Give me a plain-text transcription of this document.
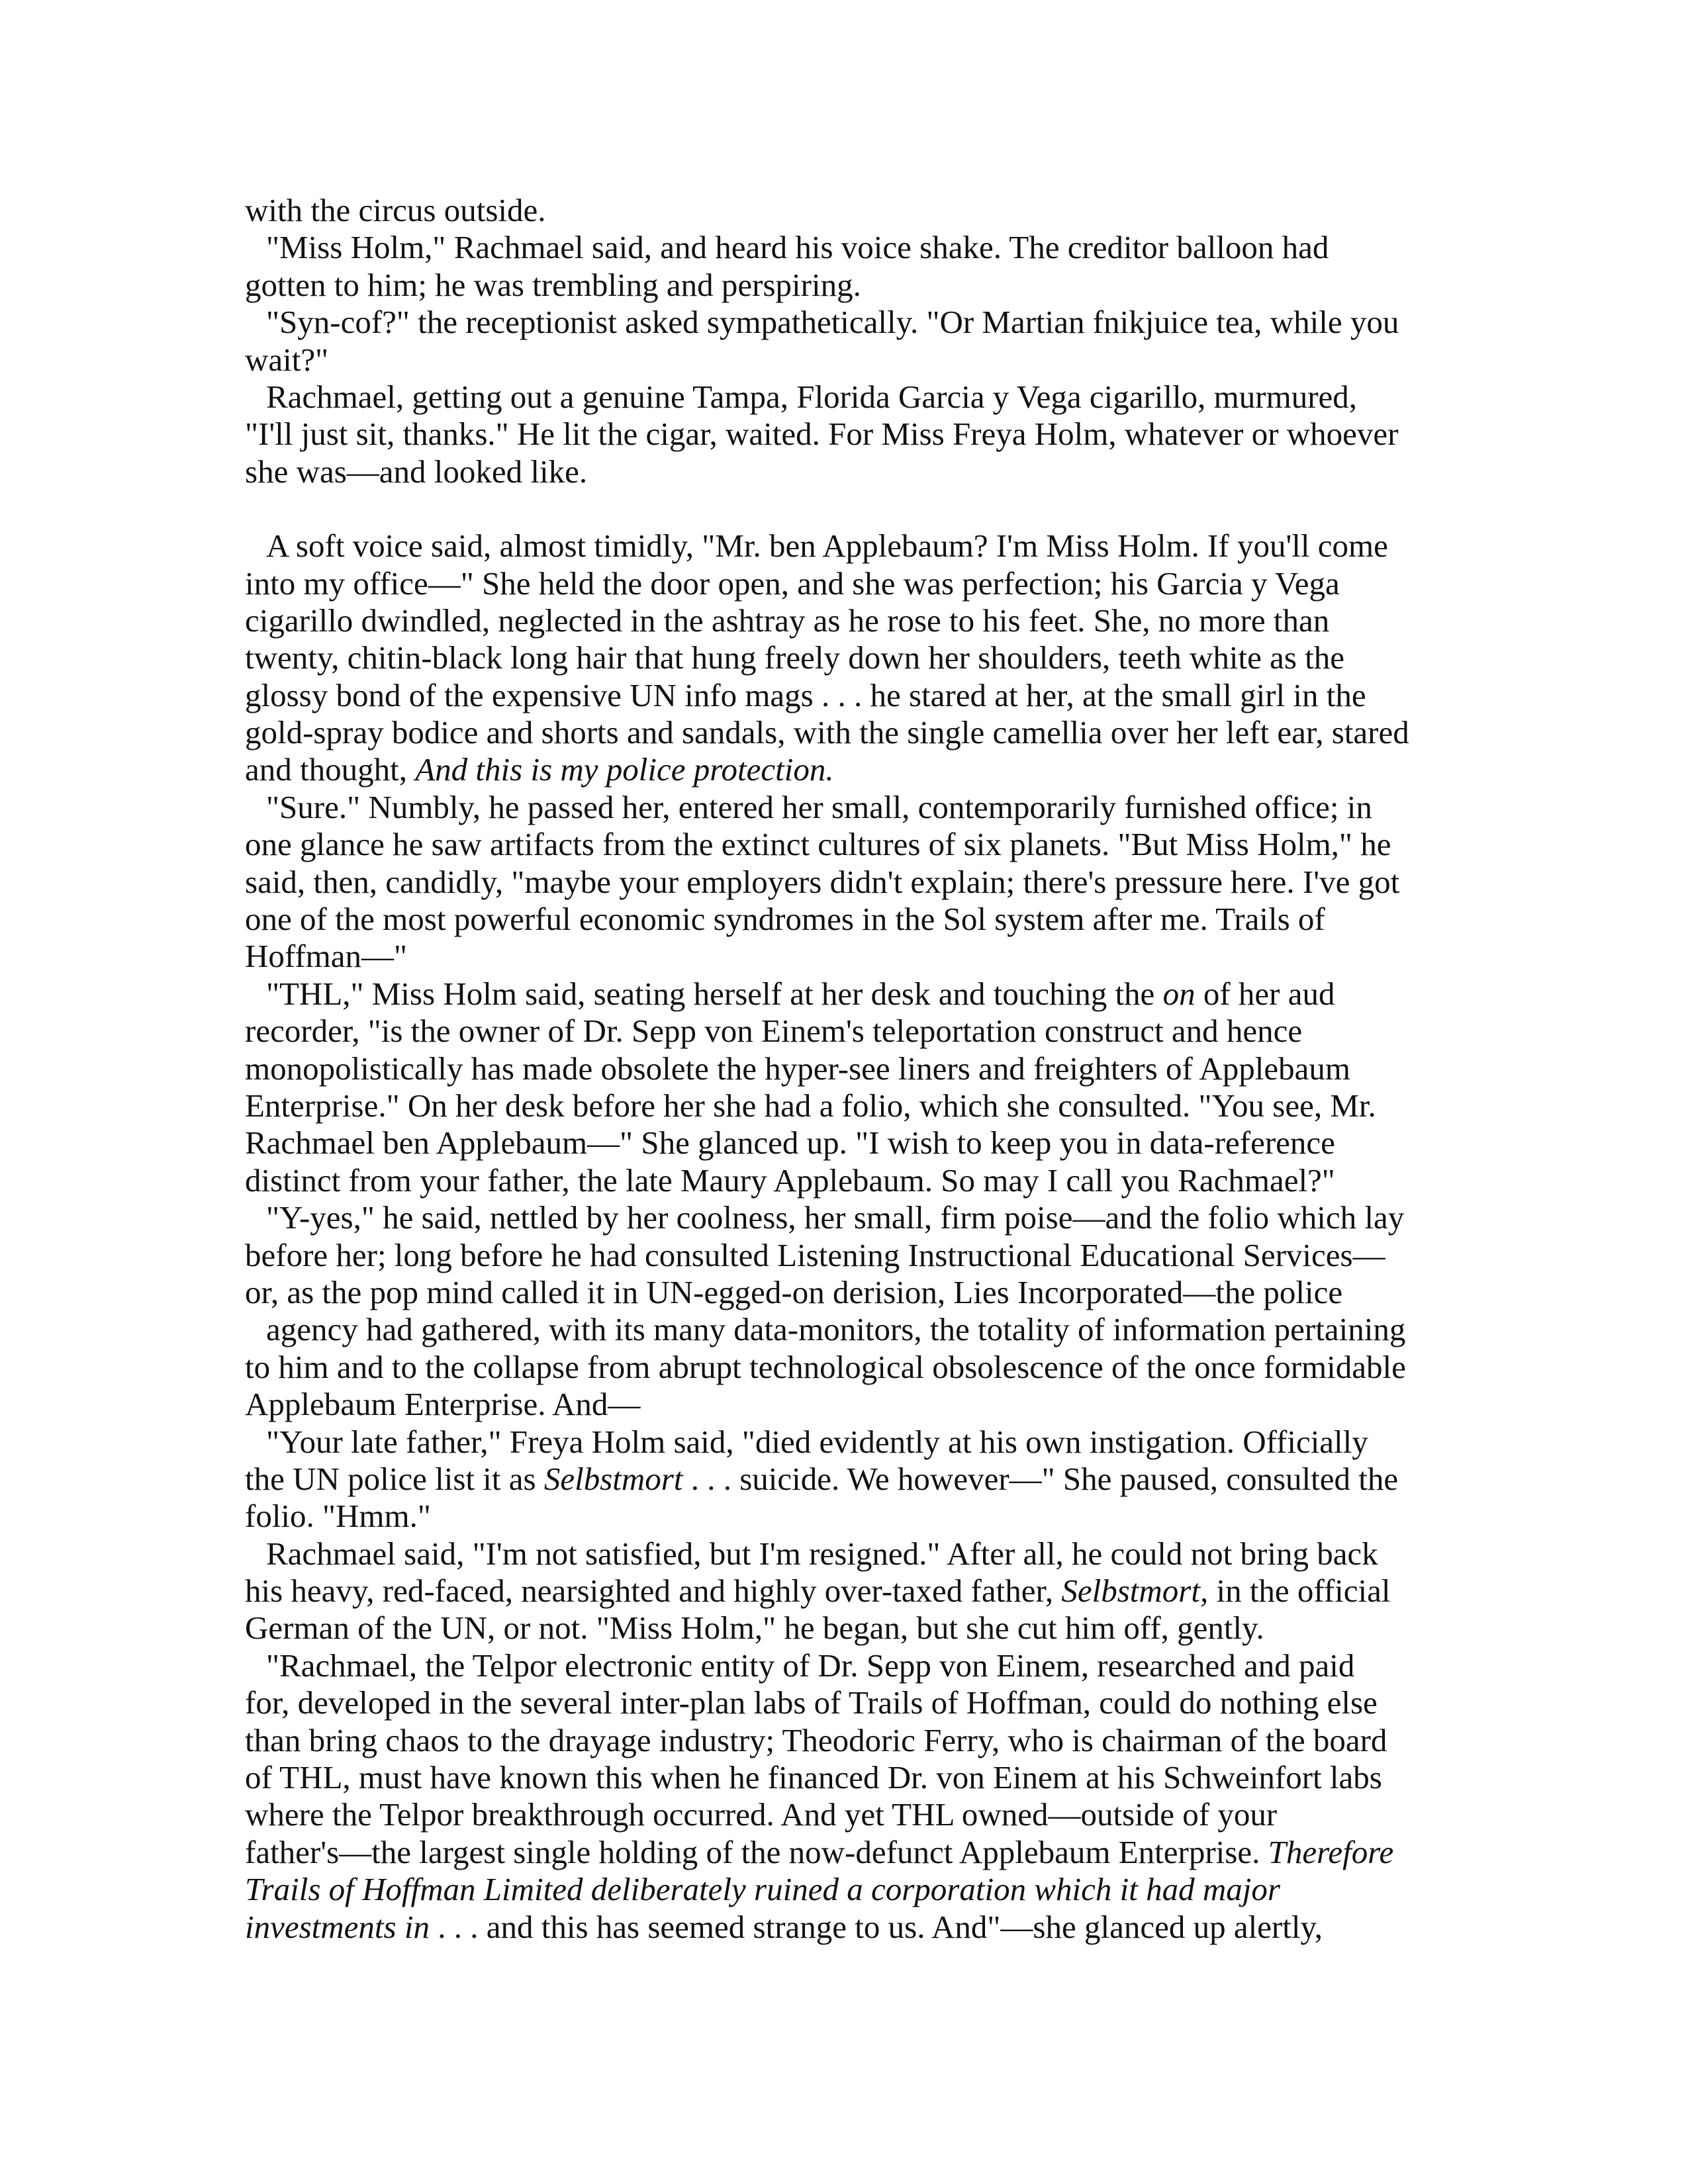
with the circus outside.
"Miss Holm," Rachmael said, and heard his voice shake. The creditor balloon had
gotten to him; he was trembling and perspiring.
"Syn-cof?" the receptionist asked sympathetically. "Or Martian fnikjuice tea, while you
wait?"
Rachmael, getting out a genuine Tampa, Florida Garcia y Vega cigarillo, murmured,
"I'll just sit, thanks." He lit the cigar, waited. For Miss Freya Holm, whatever or whoever
she was—and looked like.
A soft voice said, almost timidly, "Mr. ben Applebaum? I'm Miss Holm. If you'll come
into my office—" She held the door open, and she was perfection; his Garcia y Vega
cigarillo dwindled, neglected in the ashtray as he rose to his feet. She, no more than
twenty, chitin-black long hair that hung freely down her shoulders, teeth white as the
glossy bond of the expensive UN info mags . . . he stared at her, at the small girl in the
gold-spray bodice and shorts and sandals, with the single camellia over her left ear, stared
and thought, And this is my police protection.
"Sure." Numbly, he passed her, entered her small, contemporarily furnished office; in
one glance he saw artifacts from the extinct cultures of six planets. "But Miss Holm," he
said, then, candidly, "maybe your employers didn't explain; there's pressure here. I've got
one of the most powerful economic syndromes in the Sol system after me. Trails of
Hoffman—"
"THL," Miss Holm said, seating herself at her desk and touching the on of her aud
recorder, "is the owner of Dr. Sepp von Einem's teleportation construct and hence
monopolistically has made obsolete the hyper-see liners and freighters of Applebaum
Enterprise." On her desk before her she had a folio, which she consulted. "You see, Mr.
Rachmael ben Applebaum—" She glanced up. "I wish to keep you in data-reference
distinct from your father, the late Maury Applebaum. So may I call you Rachmael?"
"Y-yes," he said, nettled by her coolness, her small, firm poise—and the folio which lay
before her; long before he had consulted Listening Instructional Educational Services—
or, as the pop mind called it in UN-egged-on derision, Lies Incorporated—the police
agency had gathered, with its many data-monitors, the totality of information pertaining
to him and to the collapse from abrupt technological obsolescence of the once formidable
Applebaum Enterprise. And—
"Your late father," Freya Holm said, "died evidently at his own instigation. Officially
the UN police list it as Selbstmort . . . suicide. We however—" She paused, consulted the
folio. "Hmm."
Rachmael said, "I'm not satisfied, but I'm resigned." After all, he could not bring back
his heavy, red-faced, nearsighted and highly over-taxed father, Selbstmort, in the official
German of the UN, or not. "Miss Holm," he began, but she cut him off, gently.
"Rachmael, the Telpor electronic entity of Dr. Sepp von Einem, researched and paid
for, developed in the several inter-plan labs of Trails of Hoffman, could do nothing else
than bring chaos to the drayage industry; Theodoric Ferry, who is chairman of the board
of THL, must have known this when he financed Dr. von Einem at his Schweinfort labs
where the Telpor breakthrough occurred. And yet THL owned—outside of your
father's—the largest single holding of the now-defunct Applebaum Enterprise. Therefore
Trails of Hoffman Limited deliberately ruined a corporation which it had major
investments in . . . and this has seemed strange to us. And"—she glanced up alertly,
